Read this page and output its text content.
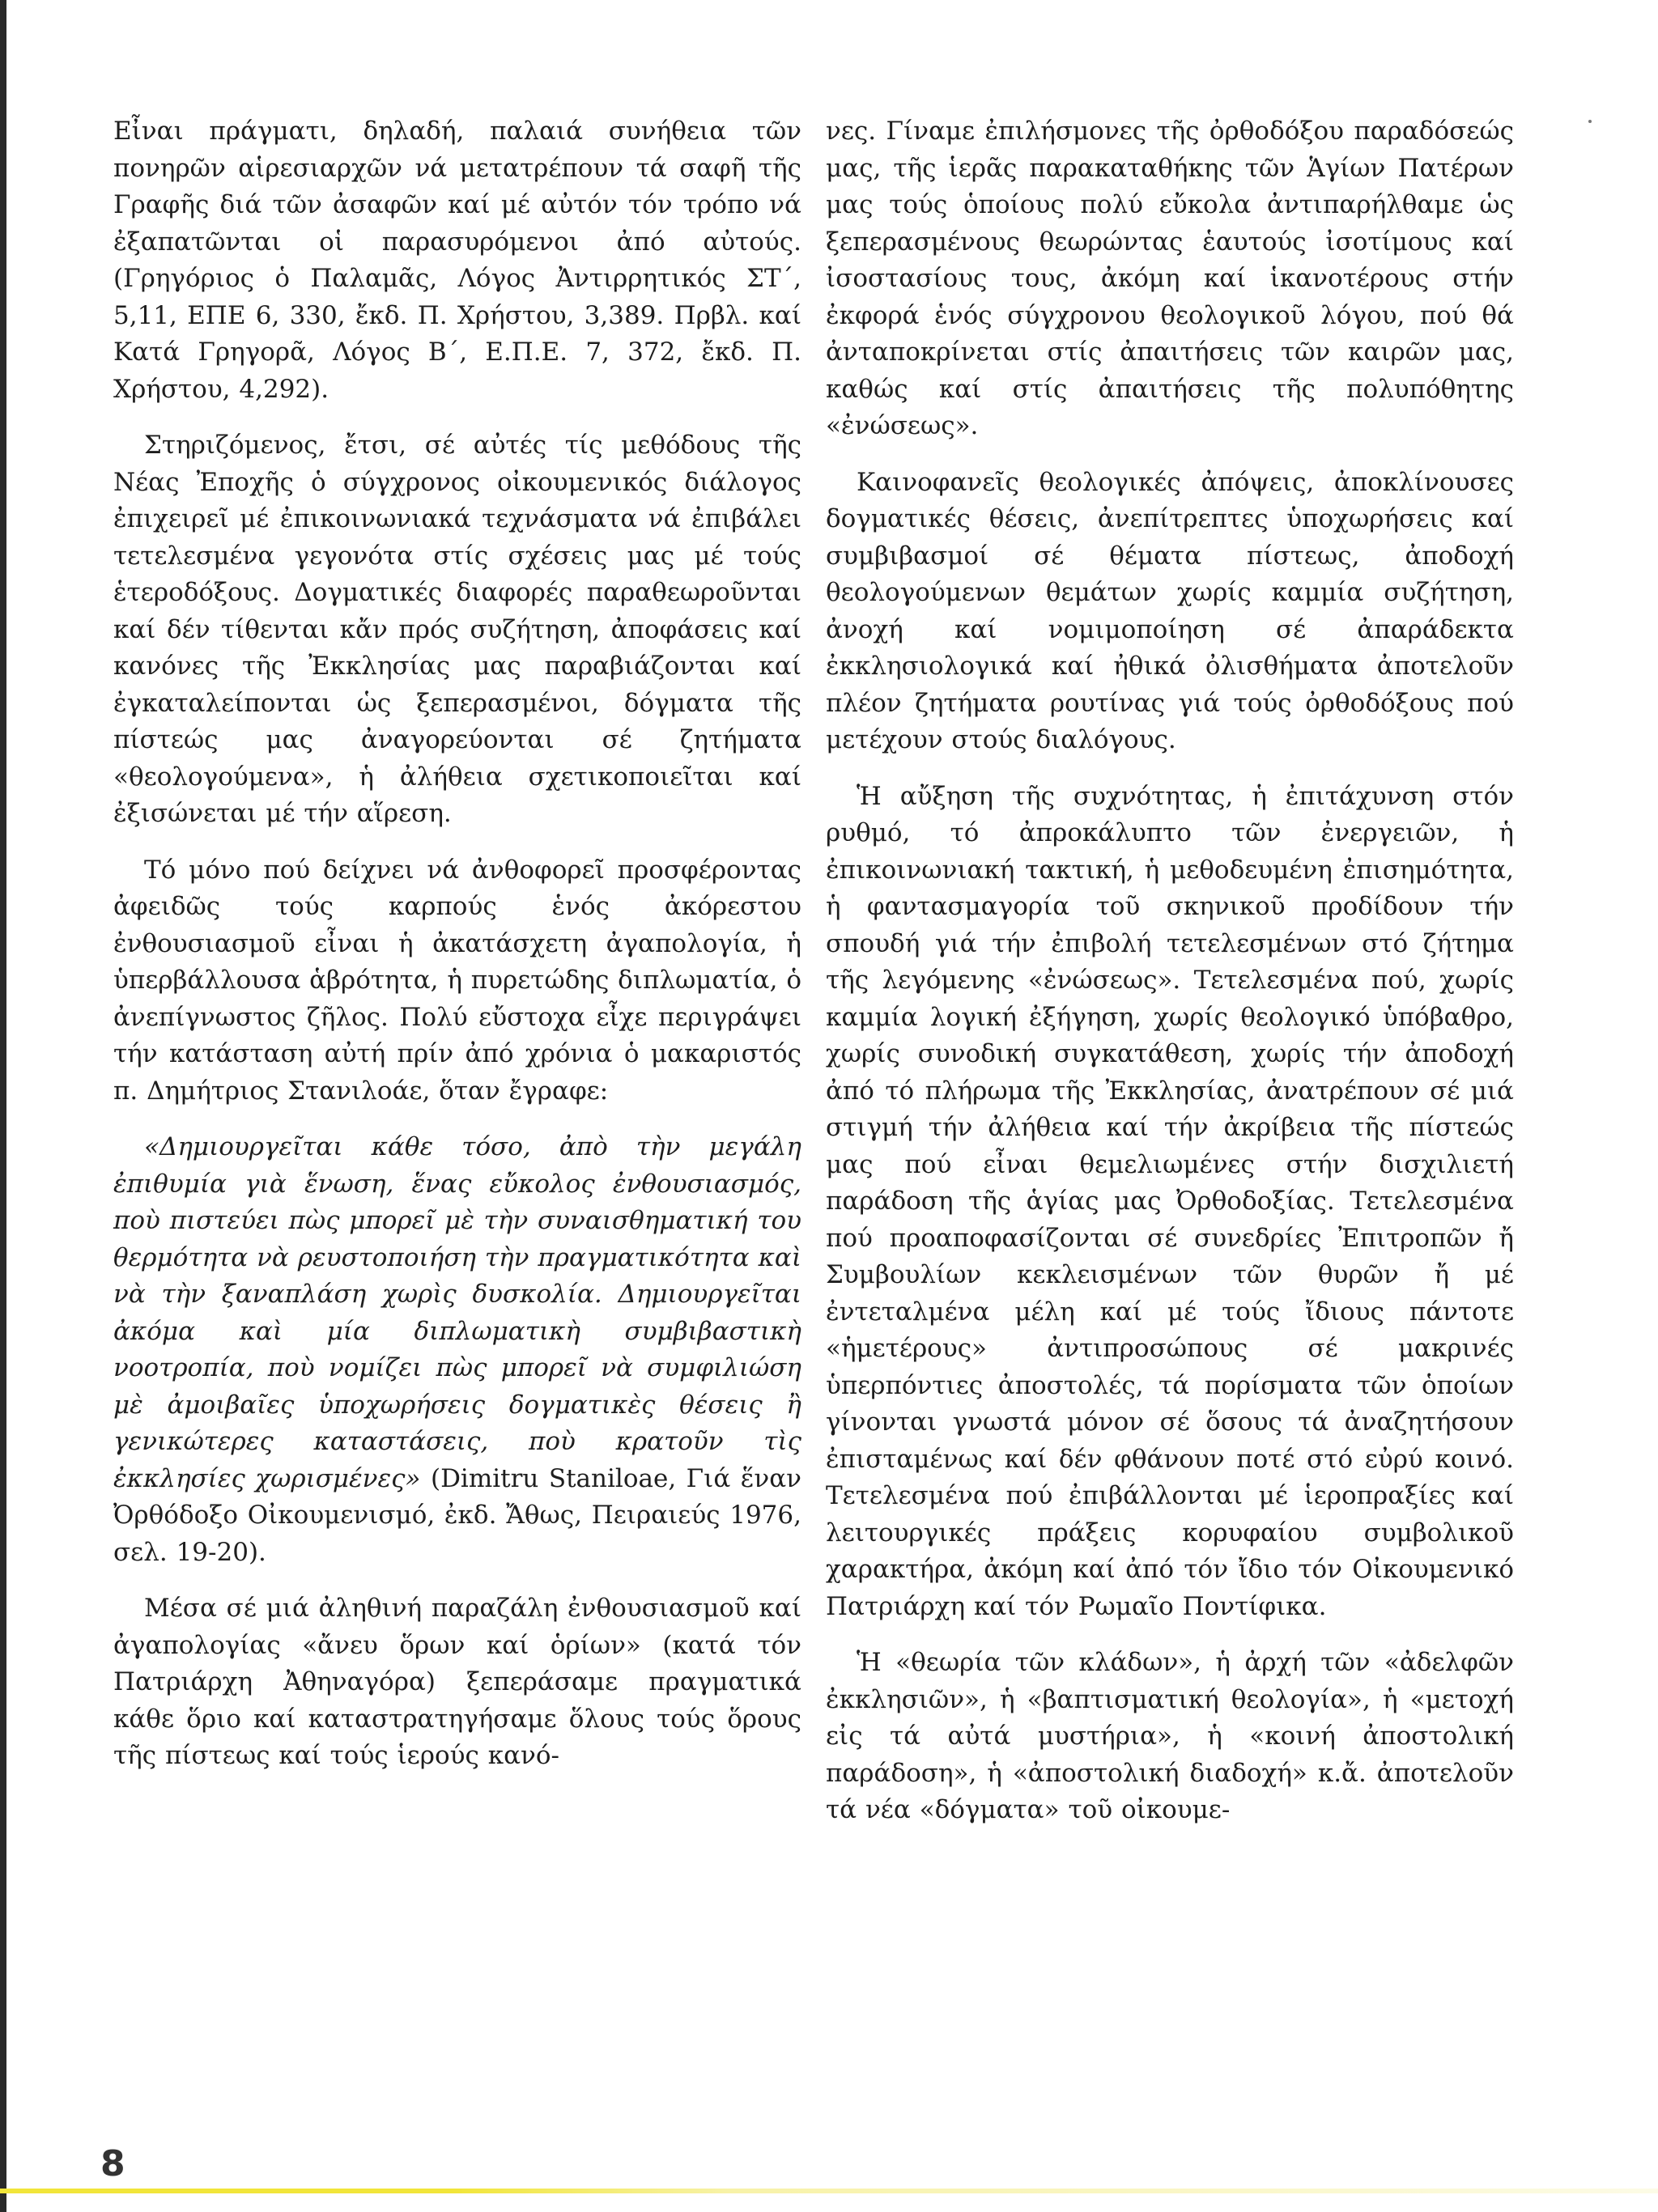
Εἶναι πράγματι, δηλαδή, παλαιά συνήθεια τῶν πονηρῶν αἱρεσιαρχῶν νά μετατρέπουν τά σαφῆ τῆς Γραφῆς διά τῶν ἀσαφῶν καί μέ αὐτόν τόν τρόπο νά ἐξαπατῶνται οἱ παρασυρόμενοι ἀπό αὐτούς. (Γρηγόριος ὁ Παλαμᾶς, Λόγος Ἀντιρρητικός ΣΤ΄, 5,11, ΕΠΕ 6, 330, ἔκδ. Π. Χρήστου, 3,389. Πρβλ. καί Κατά Γρηγορᾶ, Λόγος Β΄, Ε.Π.Ε. 7, 372, ἔκδ. Π. Χρήστου, 4,292).

Στηριζόμενος, ἔτσι, σέ αὐτές τίς μεθόδους τῆς Νέας Ἐποχῆς ὁ σύγχρονος οἰκουμενικός διάλογος ἐπιχειρεῖ μέ ἐπικοινωνιακά τεχνάσματα νά ἐπιβάλει τετελεσμένα γεγονότα στίς σχέσεις μας μέ τούς ἑτεροδόξους. Δογματικές διαφορές παραθεωροῦνται καί δέν τίθενται κἄν πρός συζήτηση, ἀποφάσεις καί κανόνες τῆς Ἐκκλησίας μας παραβιάζονται καί ἐγκαταλείπονται ὡς ξεπερασμένοι, δόγματα τῆς πίστεώς μας ἀναγορεύονται σέ ζητήματα «θεολογούμενα», ἡ ἀλήθεια σχετικοποιεῖται καί ἐξισώνεται μέ τήν αἵρεση.

Τό μόνο πού δείχνει νά ἀνθοφορεῖ προσφέροντας ἀφειδῶς τούς καρπούς ἑνός ἀκόρεστου ἐνθουσιασμοῦ εἶναι ἡ ἀκατάσχετη ἀγαπολογία, ἡ ὑπερβάλλουσα ἁβρότητα, ἡ πυρετώδης διπλωματία, ὁ ἀνεπίγνωστος ζῆλος. Πολύ εὔστοχα εἶχε περιγράψει τήν κατάσταση αὐτή πρίν ἀπό χρόνια ὁ μακαριστός π. Δημήτριος Στανιλοάε, ὅταν ἔγραφε:

«Δημιουργεῖται κάθε τόσο, ἀπὸ τὴν μεγάλη ἐπιθυμία γιὰ ἕνωση, ἕνας εὔκολος ἐνθουσιασμός, ποὺ πιστεύει πὼς μπορεῖ μὲ τὴν συναισθηματική του θερμότητα νὰ ρευστοποιήση τὴν πραγματικότητα καὶ νὰ τὴν ξαναπλάση χωρὶς δυσκολία. Δημιουργεῖται ἀκόμα καὶ μία διπλωματικὴ συμβιβαστικὴ νοοτροπία, ποὺ νομίζει πὼς μπορεῖ νὰ συμφιλιώση μὲ ἀμοιβαῖες ὑποχωρήσεις δογματικὲς θέσεις ἢ γενικώτερες καταστάσεις, ποὺ κρατοῦν τὶς ἐκκλησίες χωρισμένες» (Dimitru Staniloae, Γιά ἕναν Ὀρθόδοξο Οἰκουμενισμό, ἐκδ. Ἄθως, Πειραιεύς 1976, σελ. 19-20).

Μέσα σέ μιά ἀληθινή παραζάλη ἐνθουσιασμοῦ καί ἀγαπολογίας «ἄνευ ὅρων καί ὁρίων» (κατά τόν Πατριάρχη Ἀθηναγόρα) ξεπεράσαμε πραγματικά κάθε ὅριο καί καταστρατηγήσαμε ὅλους τούς ὅρους τῆς πίστεως καί τούς ἱερούς κανό-

νες. Γίναμε ἐπιλήσμονες τῆς ὀρθοδόξου παραδόσεώς μας, τῆς ἱερᾶς παρακαταθήκης τῶν Ἁγίων Πατέρων μας τούς ὁποίους πολύ εὔκολα ἀντιπαρήλθαμε ὡς ξεπερασμένους θεωρώντας ἑαυτούς ἰσοτίμους καί ἰσοστασίους τους, ἀκόμη καί ἱκανοτέρους στήν ἐκφορά ἑνός σύγχρονου θεολογικοῦ λόγου, πού θά ἀνταποκρίνεται στίς ἀπαιτήσεις τῶν καιρῶν μας, καθώς καί στίς ἀπαιτήσεις τῆς πολυπόθητης «ἐνώσεως».

Καινοφανεῖς θεολογικές ἀπόψεις, ἀποκλίνουσες δογματικές θέσεις, ἀνεπίτρεπτες ὑποχωρήσεις καί συμβιβασμοί σέ θέματα πίστεως, ἀποδοχή θεολογούμενων θεμάτων χωρίς καμμία συζήτηση, ἀνοχή καί νομιμοποίηση σέ ἀπαράδεκτα ἐκκλησιολογικά καί ἠθικά ὀλισθήματα ἀποτελοῦν πλέον ζητήματα ρουτίνας γιά τούς ὀρθοδόξους πού μετέχουν στούς διαλόγους.

Ἡ αὔξηση τῆς συχνότητας, ἡ ἐπιτάχυνση στόν ρυθμό, τό ἀπροκάλυπτο τῶν ἐνεργειῶν, ἡ ἐπικοινωνιακή τακτική, ἡ μεθοδευμένη ἐπισημότητα, ἡ φαντασμαγορία τοῦ σκηνικοῦ προδίδουν τήν σπουδή γιά τήν ἐπιβολή τετελεσμένων στό ζήτημα τῆς λεγόμενης «ἐνώσεως». Τετελεσμένα πού, χωρίς καμμία λογική ἐξήγηση, χωρίς θεολογικό ὑπόβαθρο, χωρίς συνοδική συγκατάθεση, χωρίς τήν ἀποδοχή ἀπό τό πλήρωμα τῆς Ἐκκλησίας, ἀνατρέπουν σέ μιά στιγμή τήν ἀλήθεια καί τήν ἀκρίβεια τῆς πίστεώς μας πού εἶναι θεμελιωμένες στήν δισχιλιετή παράδοση τῆς ἁγίας μας Ὀρθοδοξίας. Τετελεσμένα πού προαποφασίζονται σέ συνεδρίες Ἐπιτροπῶν ἤ Συμβουλίων κεκλεισμένων τῶν θυρῶν ἤ μέ ἐντεταλμένα μέλη καί μέ τούς ἴδιους πάντοτε «ἡμετέρους» ἀντιπροσώπους σέ μακρινές ὑπερπόντιες ἀποστολές, τά πορίσματα τῶν ὁποίων γίνονται γνωστά μόνον σέ ὅσους τά ἀναζητήσουν ἐπισταμένως καί δέν φθάνουν ποτέ στό εὐρύ κοινό. Τετελεσμένα πού ἐπιβάλλονται μέ ἱεροπραξίες καί λειτουργικές πράξεις κορυφαίου συμβολικοῦ χαρακτήρα, ἀκόμη καί ἀπό τόν ἴδιο τόν Οἰκουμενικό Πατριάρχη καί τόν Ρωμαῖο Ποντίφικα.

Ἡ «θεωρία τῶν κλάδων», ἡ ἀρχή τῶν «ἀδελφῶν ἐκκλησιῶν», ἡ «βαπτισματική θεολογία», ἡ «μετοχή εἰς τά αὐτά μυστήρια», ἡ «κοινή ἀποστολική παράδοση», ἡ «ἀποστολική διαδοχή» κ.ἄ. ἀποτελοῦν τά νέα «δόγματα» τοῦ οἰκουμε-

8
